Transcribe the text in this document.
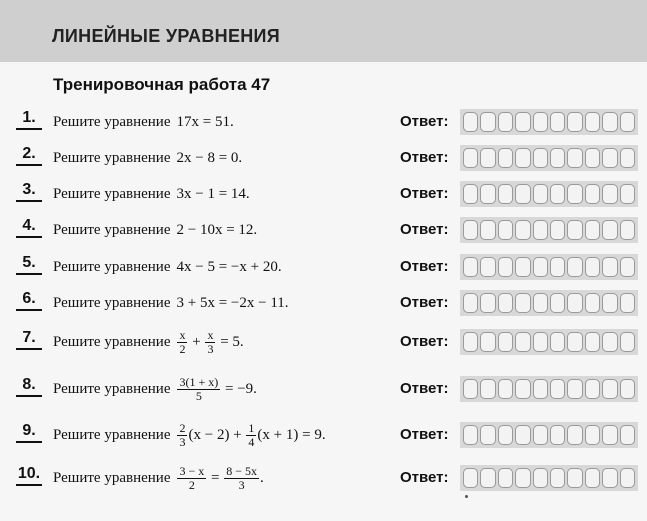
ЛИНЕЙНЫЕ УРАВНЕНИЯ
Тренировочная работа 47
1.	Решите уравнение 17x = 51.	Ответ:
2.	Решите уравнение 2x − 8 = 0.	Ответ:
3.	Решите уравнение 3x − 1 = 14.	Ответ:
4.	Решите уравнение 2 − 10x = 12.	Ответ:
5.	Решите уравнение 4x − 5 = −x + 20.	Ответ:
6.	Решите уравнение 3 + 5x = −2x − 11.	Ответ:
7.	Решите уравнение $\frac{x}{2} + \frac{x}{3} = 5$.	Ответ:
8.	Решите уравнение $\frac{3(1 + x)}{5} = -9$.	Ответ:
9.	Решите уравнение $\frac{2}{3} (x - 2) + \frac{1}{4} (x + 1) = 9$.	Ответ:
10. Решите уравнение $\frac{3 - x}{2} = \frac{8 - 5x}{3}$ .	Ответ:
